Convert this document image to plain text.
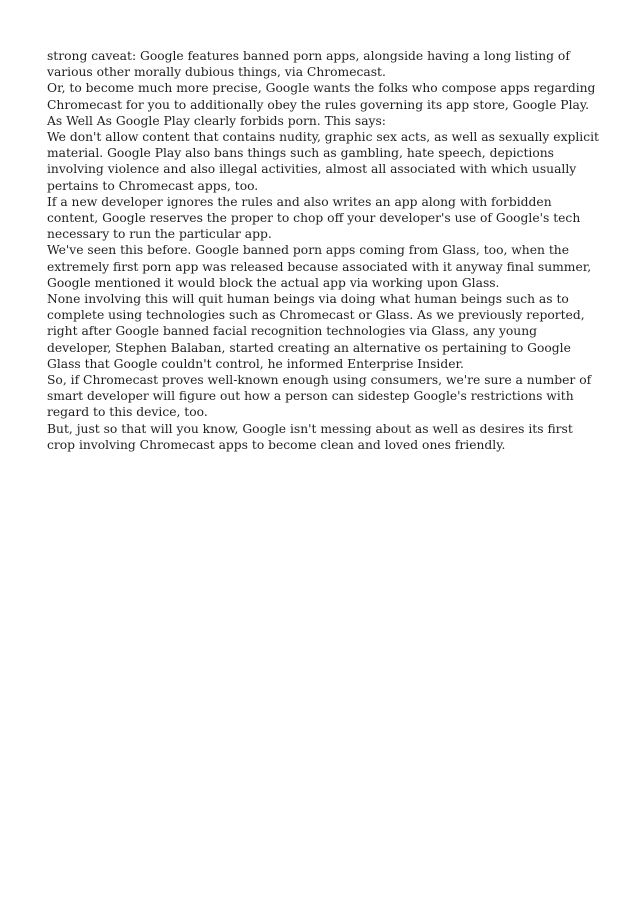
strong caveat: Google features banned porn apps, alongside having a long listing of various other morally dubious things, via Chromecast.

Or, to become much more precise, Google wants the folks who compose apps regarding Chromecast for you to additionally obey the rules governing its app store, Google Play. As Well As Google Play clearly forbids porn. This says:

We don't allow content that contains nudity, graphic sex acts, as well as sexually explicit material. Google Play also bans things such as gambling, hate speech, depictions involving violence and also illegal activities, almost all associated with which usually pertains to Chromecast apps, too.

If a new developer ignores the rules and also writes an app along with forbidden content, Google reserves the proper to chop off your developer's use of Google's tech necessary to run the particular app.

We've seen this before. Google banned porn apps coming from Glass, too, when the extremely first porn app was released because associated with it anyway final summer, Google mentioned it would block the actual app via working upon Glass.

None involving this will quit human beings via doing what human beings such as to complete using technologies such as Chromecast or Glass. As we previously reported, right after Google banned facial recognition technologies via Glass, any young developer, Stephen Balaban, started creating an alternative os pertaining to Google Glass that Google couldn't control, he informed Enterprise Insider.

So, if Chromecast proves well-known enough using consumers, we're sure a number of smart developer will figure out how a person can sidestep Google's restrictions with regard to this device, too.

But, just so that will you know, Google isn't messing about as well as desires its first crop involving Chromecast apps to become clean and loved ones friendly.
